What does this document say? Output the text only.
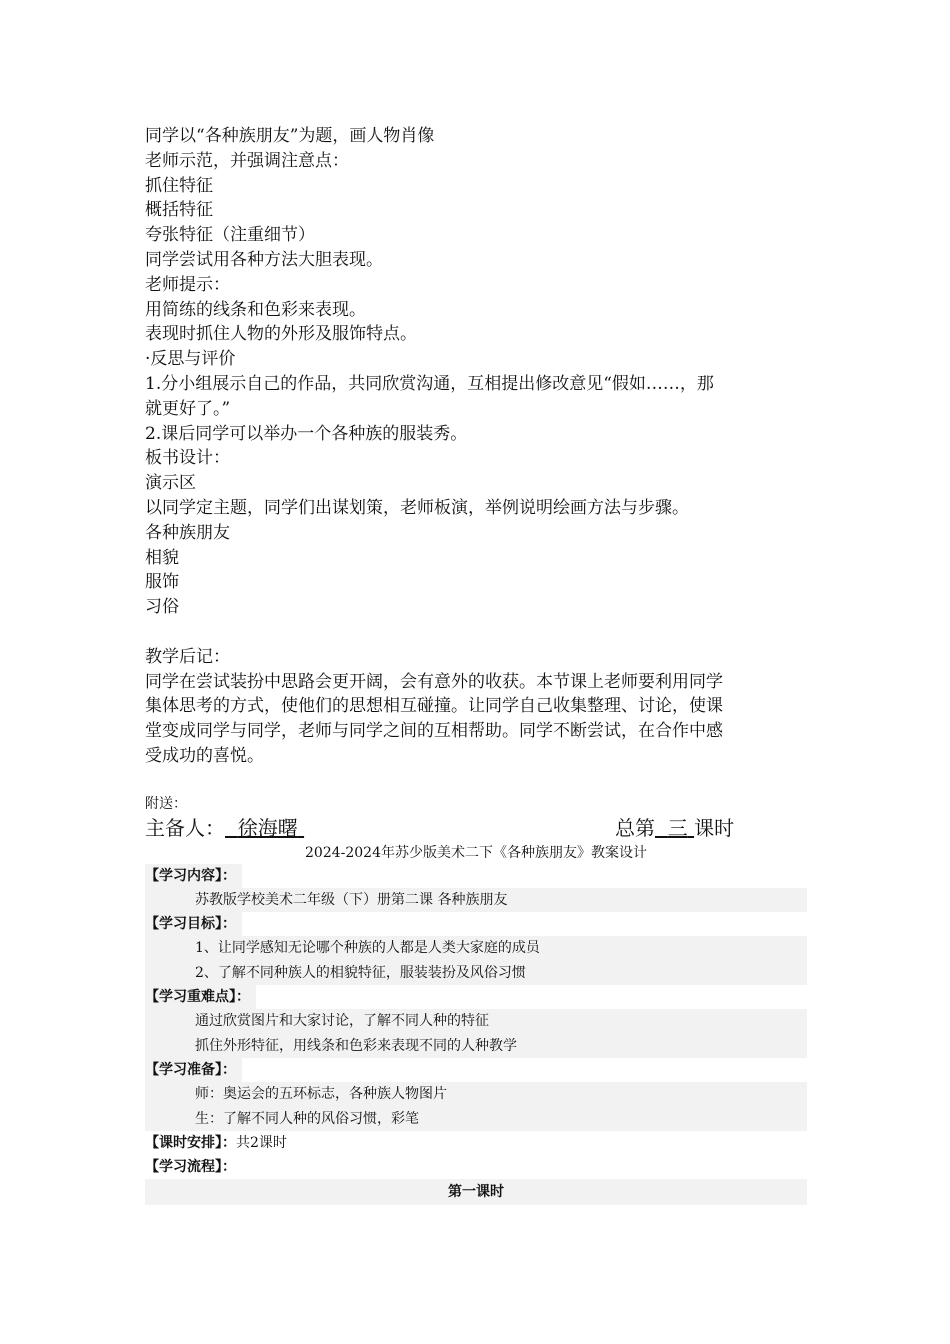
同学以“各种族朋友”为题，画人物肖像
老师示范，并强调注意点：
抓住特征
概括特征
夸张特征（注重细节）
同学尝试用各种方法大胆表现。
老师提示：
用简练的线条和色彩来表现。
表现时抓住人物的外形及服饰特点。
·反思与评价
1.分小组展示自己的作品，共同欣赏沟通，互相提出修改意见“假如……，那
就更好了。”
2.课后同学可以举办一个各种族的服装秀。
板书设计：
演示区
以同学定主题，同学们出谋划策，老师板演，举例说明绘画方法与步骤。
各种族朋友
相貌
服饰
习俗
教学后记：
同学在尝试装扮中思路会更开阔，会有意外的收获。本节课上老师要利用同学
集体思考的方式，使他们的思想相互碰撞。让同学自己收集整理、讨论，使课
堂变成同学与同学，老师与同学之间的互相帮助。同学不断尝试，在合作中感
受成功的喜悦。
附送：
主备人： 徐海曙	总第 三 课时
2024-2024年苏少版美术二下《各种族朋友》教案设计
【学习内容】：
苏教版学校美术二年级（下）册第二课 各种族朋友
【学习目标】：
1、让同学感知无论哪个种族的人都是人类大家庭的成员
2、了解不同种族人的相貌特征，服装装扮及风俗习惯
【学习重难点】：
通过欣赏图片和大家讨论，了解不同人种的特征
抓住外形特征，用线条和色彩来表现不同的人种教学
【学习准备】：
师：奥运会的五环标志，各种族人物图片
生：了解不同人种的风俗习惯，彩笔
【课时安排】：共2课时
【学习流程】：
第一课时
